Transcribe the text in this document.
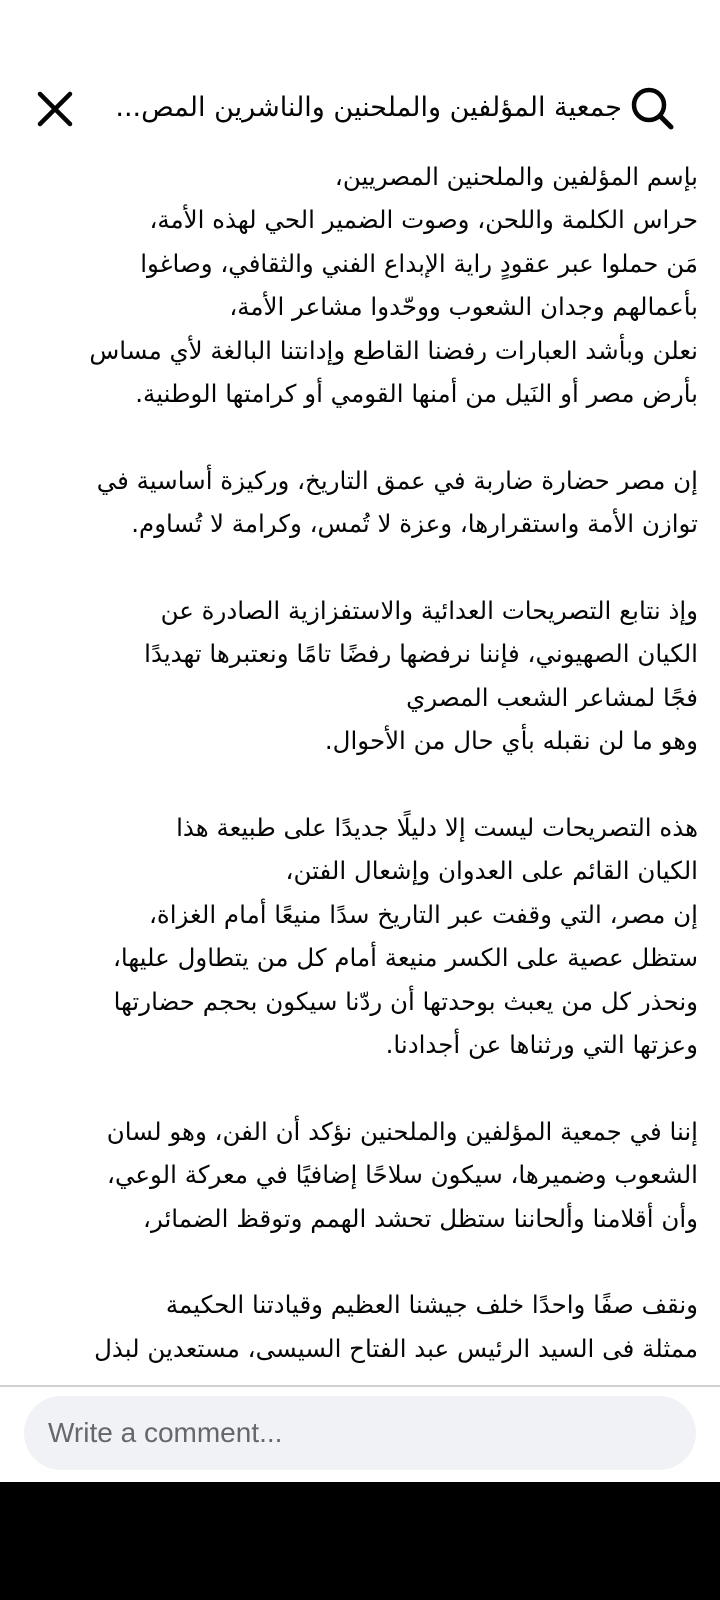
جمعية المؤلفين والملحنين والناشرين المص...
بإسم المؤلفين والملحنين المصريين،
حراس الكلمة واللحن، وصوت الضمير الحي لهذه الأمة،
مَن حملوا عبر عقودٍ راية الإبداع الفني والثقافي، وصاغوا
بأعمالهم وجدان الشعوب ووحّدوا مشاعر الأمة،
نعلن وبأشد العبارات رفضنا القاطع وإدانتنا البالغة لأي مساس
بأرض مصر أو النَيل من أمنها القومي أو كرامتها الوطنية.
إن مصر حضارة ضاربة في عمق التاريخ، وركيزة أساسية في
توازن الأمة واستقرارها، وعزة لا تُمس، وكرامة لا تُساوم.
وإذ نتابع التصريحات العدائية والاستفزازية الصادرة عن
الكيان الصهيوني، فإننا نرفضها رفضًا تامًا ونعتبرها تهديدًا
فجًا لمشاعر الشعب المصري
وهو ما لن نقبله بأي حال من الأحوال.
هذه التصريحات ليست إلا دليلًا جديدًا على طبيعة هذا
الكيان القائم على العدوان وإشعال الفتن،
إن مصر، التي وقفت عبر التاريخ سدًا منيعًا أمام الغزاة،
ستظل عصية على الكسر منيعة أمام كل من يتطاول عليها،
ونحذر كل من يعبث بوحدتها أن ردّنا سيكون بحجم حضارتها
وعزتها التي ورثناها عن أجدادنا.
إننا في جمعية المؤلفين والملحنين نؤكد أن الفن، وهو لسان
الشعوب وضميرها، سيكون سلاحًا إضافيًا في معركة الوعي،
وأن أقلامنا وألحاننا ستظل تحشد الهمم وتوقظ الضمائر،
ونقف صفًا واحدًا خلف جيشنا العظيم وقيادتنا الحكيمة
ممثلة فى السيد الرئيس عبد الفتاح السيسى، مستعدين لبذل
Write a comment...
